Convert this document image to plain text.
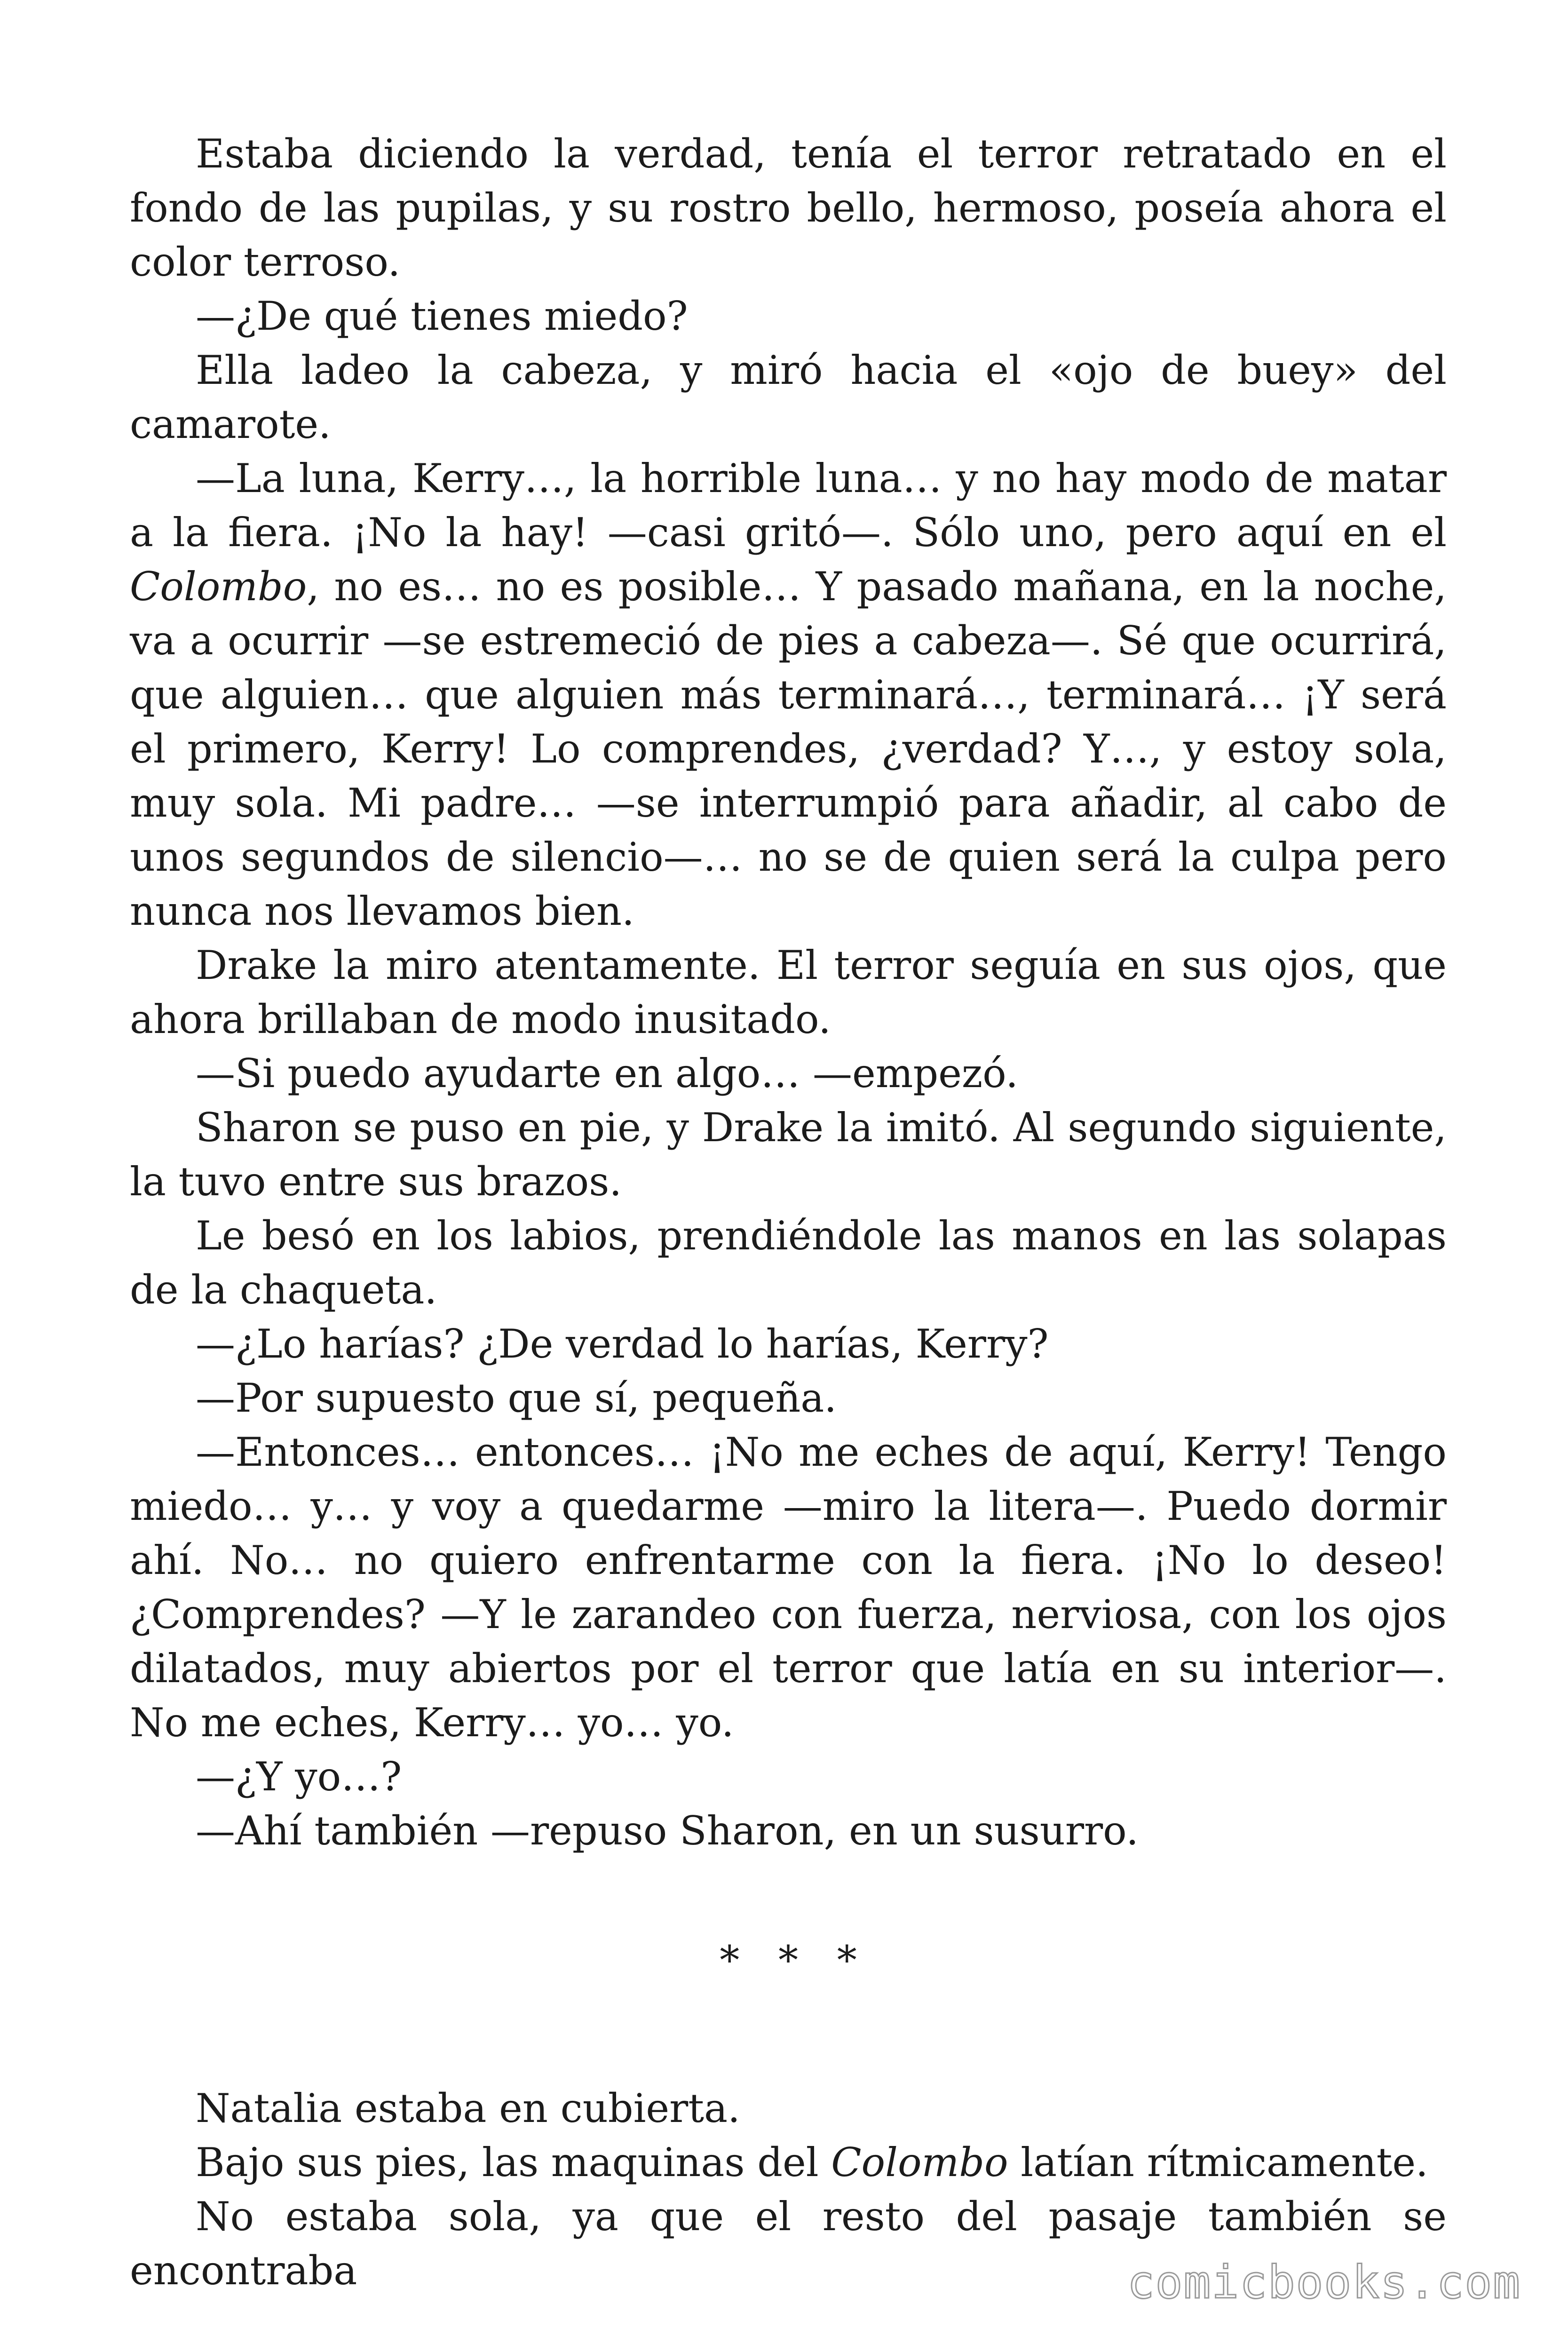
Estaba diciendo la verdad, tenía el terror retratado en el fondo de las pupilas, y su rostro bello, hermoso, poseía ahora el color terroso.

—¿De qué tienes miedo?

Ella ladeo la cabeza, y miró hacia el «ojo de buey» del camarote.

—La luna, Kerry…, la horrible luna… y no hay modo de matar a la fiera. ¡No la hay! —casi gritó—. Sólo uno, pero aquí en el Colombo, no es… no es posible… Y pasado mañana, en la noche, va a ocurrir —se estremeció de pies a cabeza—. Sé que ocurrirá, que alguien… que alguien más terminará…, terminará… ¡Y será el primero, Kerry! Lo comprendes, ¿verdad? Y…, y estoy sola, muy sola. Mi padre… —se interrumpió para añadir, al cabo de unos segundos de silencio—… no se de quien será la culpa pero nunca nos llevamos bien.

Drake la miro atentamente. El terror seguía en sus ojos, que ahora brillaban de modo inusitado.

—Si puedo ayudarte en algo… —empezó.

Sharon se puso en pie, y Drake la imitó. Al segundo siguiente, la tuvo entre sus brazos.

Le besó en los labios, prendiéndole las manos en las solapas de la chaqueta.

—¿Lo harías? ¿De verdad lo harías, Kerry?

—Por supuesto que sí, pequeña.

—Entonces… entonces… ¡No me eches de aquí, Kerry! Tengo miedo… y… y voy a quedarme —miro la litera—. Puedo dormir ahí. No… no quiero enfrentarme con la fiera. ¡No lo deseo! ¿Comprendes? —Y le zarandeo con fuerza, nerviosa, con los ojos dilatados, muy abiertos por el terror que latía en su interior—. No me eches, Kerry… yo… yo.

—¿Y yo…?

—Ahí también —repuso Sharon, en un susurro.

* * *

Natalia estaba en cubierta.

Bajo sus pies, las maquinas del Colombo latían rítmicamente.

No estaba sola, ya que el resto del pasaje también se encontraba	comicbooks.com
